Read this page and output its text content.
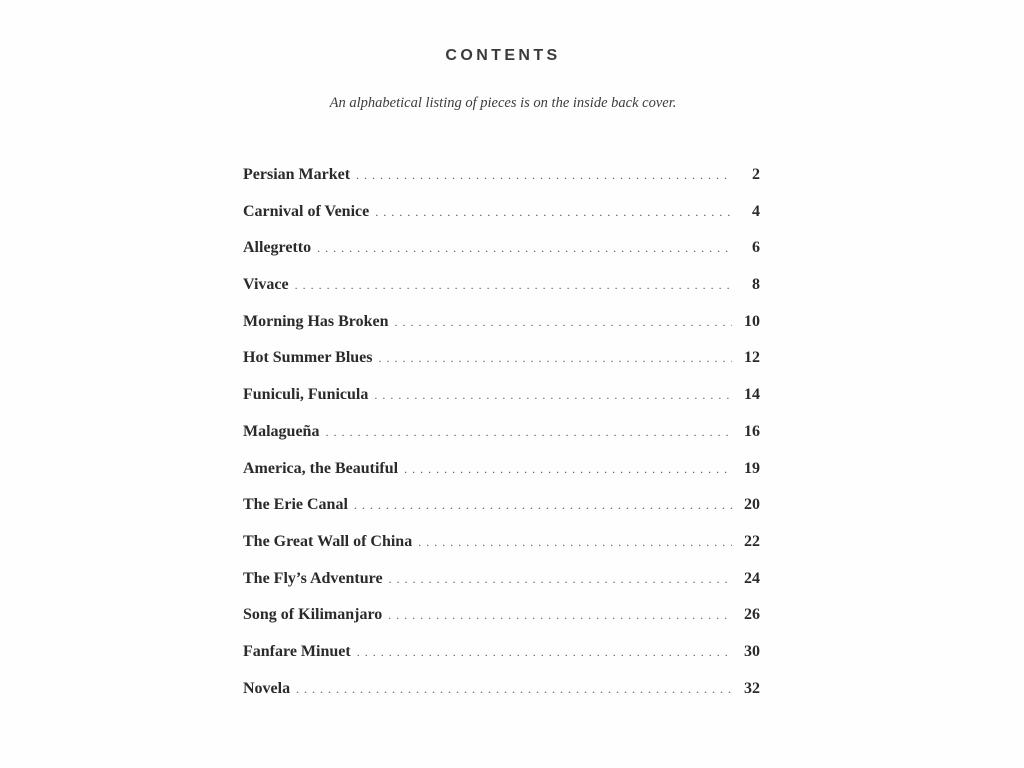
CONTENTS
An alphabetical listing of pieces is on the inside back cover.
Persian Market . . .	2
Carnival of Venice . . .	4
Allegretto . . .	6
Vivace . . .	8
Morning Has Broken . . .	10
Hot Summer Blues . . .	12
Funiculi, Funicula . . .	14
Malagueña . . .	16
America, the Beautiful . . .	19
The Erie Canal . . .	20
The Great Wall of China . . .	22
The Fly’s Adventure . . .	24
Song of Kilimanjaro . . .	26
Fanfare Minuet . . .	30
Novela . . .	32
